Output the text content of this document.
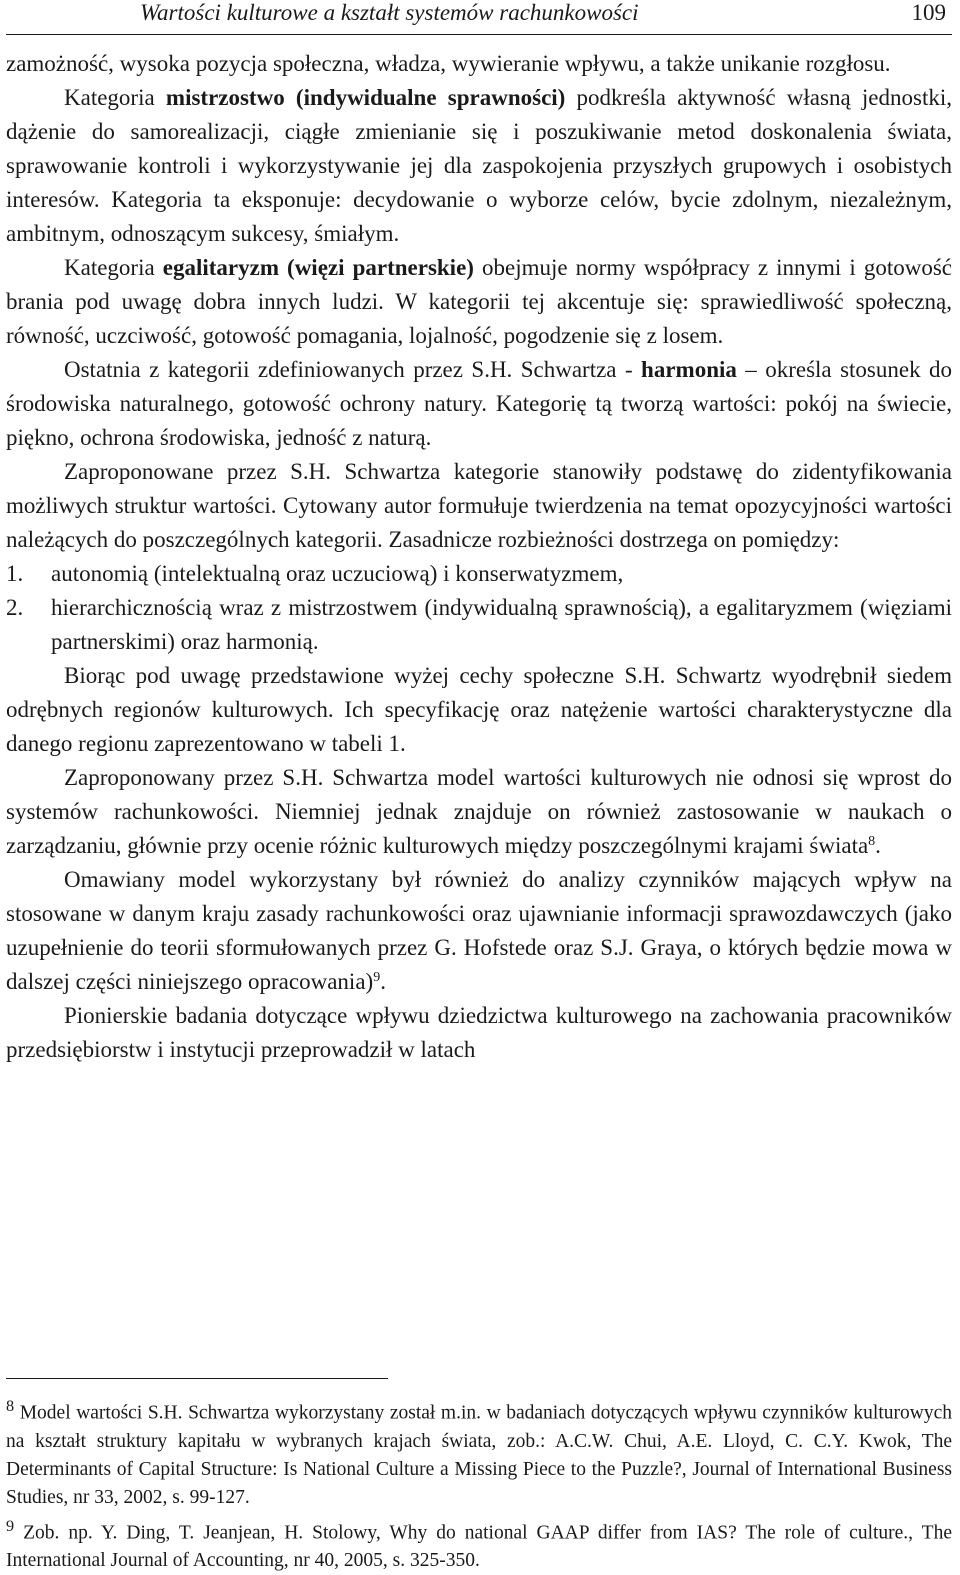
Wartości kulturowe a kształt systemów rachunkowości	109

zamożność, wysoka pozycja społeczna, władza, wywieranie wpływu, a także unikanie rozgłosu.

Kategoria mistrzostwo (indywidualne sprawności) podkreśla aktywność własną jednostki, dążenie do samorealizacji, ciągłe zmienianie się i poszukiwanie metod doskonalenia świata, sprawowanie kontroli i wykorzystywanie jej dla zaspokojenia przyszłych grupowych i osobistych interesów. Kategoria ta eksponuje: decydowanie o wyborze celów, bycie zdolnym, niezależnym, ambitnym, odnoszącym sukcesy, śmiałym.

Kategoria egalitaryzm (więzi partnerskie) obejmuje normy współpracy z innymi i gotowość brania pod uwagę dobra innych ludzi. W kategorii tej akcentuje się: sprawiedliwość społeczną, równość, uczciwość, gotowość pomagania, lojalność, pogodzenie się z losem.

Ostatnia z kategorii zdefiniowanych przez S.H. Schwartza - harmonia – określa stosunek do środowiska naturalnego, gotowość ochrony natury. Kategorię tą tworzą wartości: pokój na świecie, piękno, ochrona środowiska, jedność z naturą.

Zaproponowane przez S.H. Schwartza kategorie stanowiły podstawę do zidentyfikowania możliwych struktur wartości. Cytowany autor formułuje twierdzenia na temat opozycyjności wartości należących do poszczególnych kategorii. Zasadnicze rozbieżności dostrzega on pomiędzy:

1.	autonomią (intelektualną oraz uczuciową) i konserwatyzmem,
2.	hierarchicznością wraz z mistrzostwem (indywidualną sprawnością), a egalitaryzmem (więziami partnerskimi) oraz harmonią.

Biorąc pod uwagę przedstawione wyżej cechy społeczne S.H. Schwartz wyodrębnił siedem odrębnych regionów kulturowych. Ich specyfikację oraz natężenie wartości charakterystyczne dla danego regionu zaprezentowano w tabeli 1.

Zaproponowany przez S.H. Schwartza model wartości kulturowych nie odnosi się wprost do systemów rachunkowości. Niemniej jednak znajduje on również zastosowanie w naukach o zarządzaniu, głównie przy ocenie różnic kulturowych między poszczególnymi krajami świata$^8$.

Omawiany model wykorzystany był również do analizy czynników mających wpływ na stosowane w danym kraju zasady rachunkowości oraz ujawnianie informacji sprawozdawczych (jako uzupełnienie do teorii sformułowanych przez G. Hofstede oraz S.J. Graya, o których będzie mowa w dalszej części niniejszego opracowania)$^9$.

Pionierskie badania dotyczące wpływu dziedzictwa kulturowego na zachowania pracowników przedsiębiorstw i instytucji przeprowadził w latach

$^8$ Model wartości S.H. Schwartza wykorzystany został m.in. w badaniach dotyczących wpływu czynników kulturowych na kształt struktury kapitału w wybranych krajach świata, zob.: A.C.W. Chui, A.E. Lloyd, C. C.Y. Kwok, The Determinants of Capital Structure: Is National Culture a Missing Piece to the Puzzle?, Journal of International Business Studies, nr 33, 2002, s. 99-127.

$^9$ Zob. np. Y. Ding, T. Jeanjean, H. Stolowy, Why do national GAAP differ from IAS? The role of culture., The International Journal of Accounting, nr 40, 2005, s. 325-350.
